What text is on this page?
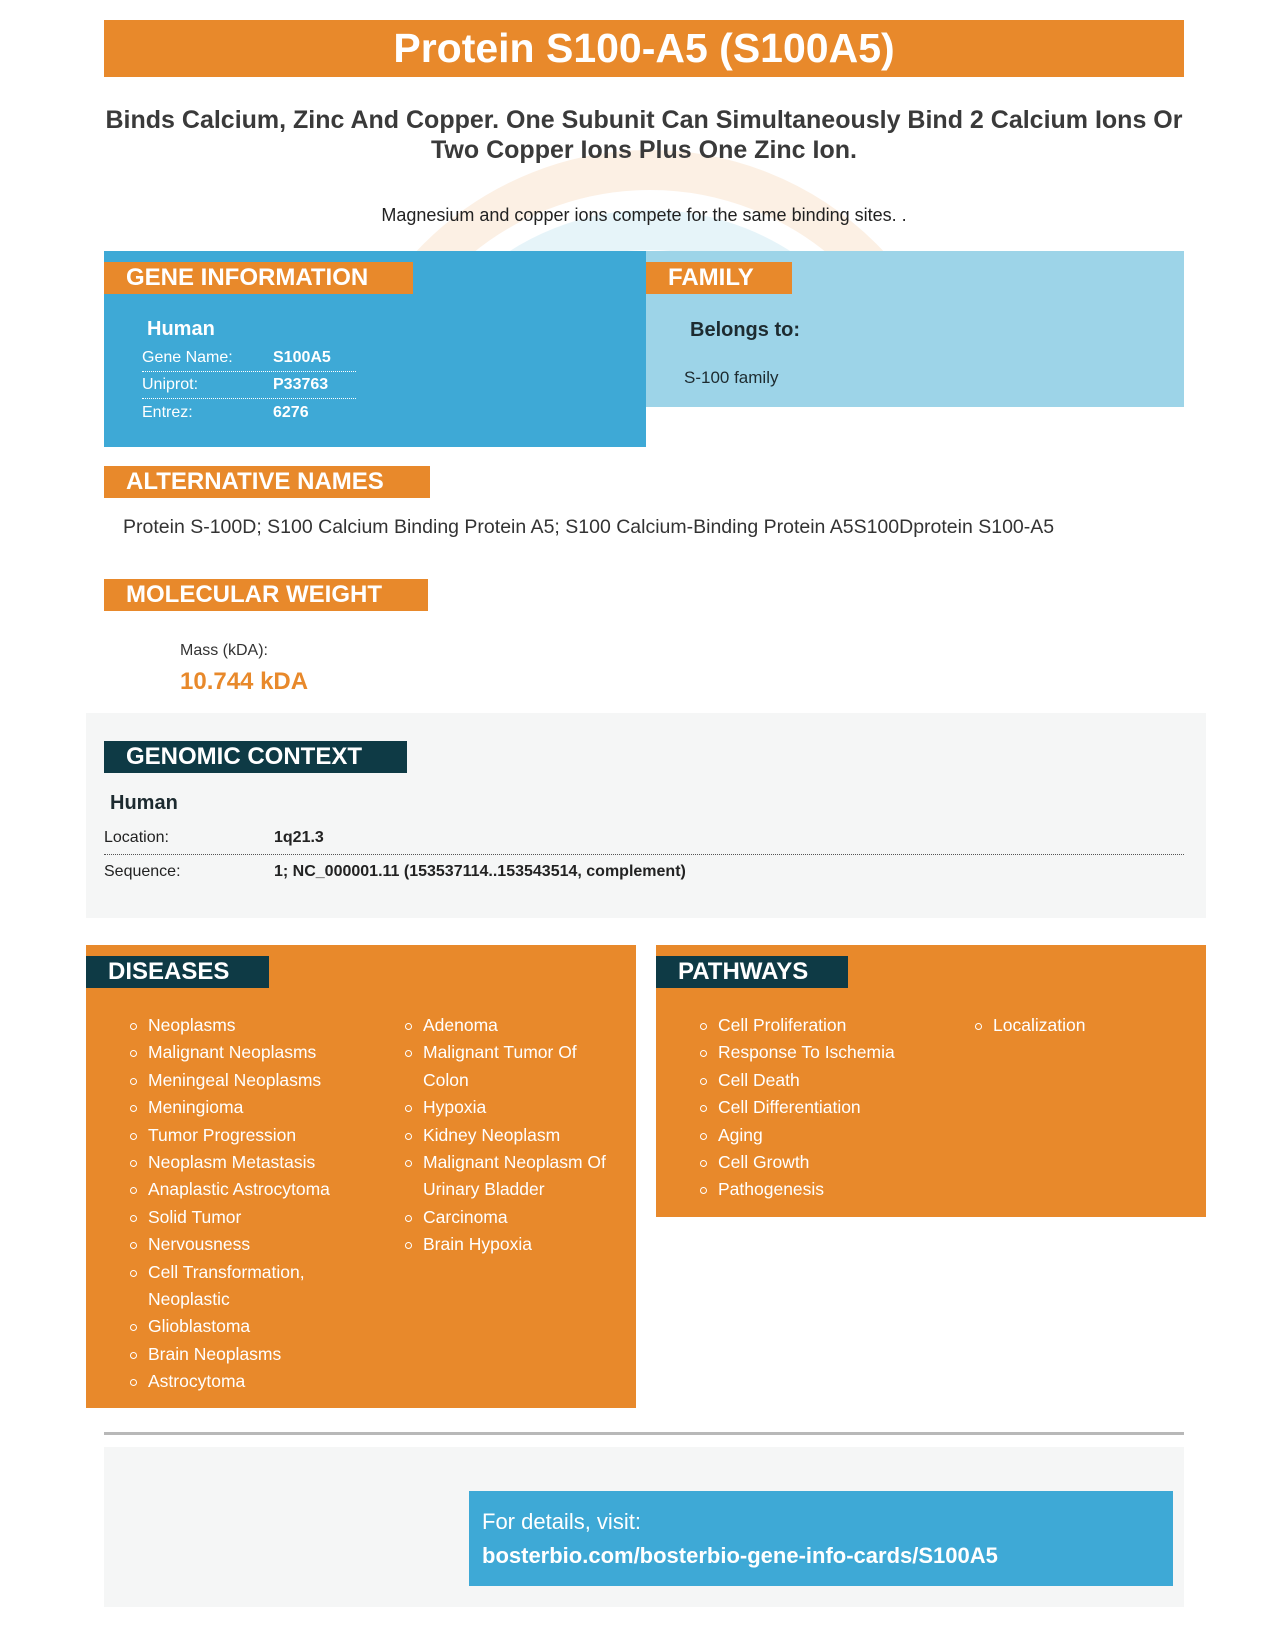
Protein S100-A5 (S100A5)
Binds Calcium, Zinc And Copper. One Subunit Can Simultaneously Bind 2 Calcium Ions Or Two Copper Ions Plus One Zinc Ion.
Magnesium and copper ions compete for the same binding sites. .
GENE INFORMATION	FAMILY
Human
Gene Name:	S100A5
Uniprot:	P33763
Entrez:	6276
Belongs to:
S-100 family
ALTERNATIVE NAMES
Protein S-100D; S100 Calcium Binding Protein A5; S100 Calcium-Binding Protein A5S100Dprotein S100-A5
MOLECULAR WEIGHT
Mass (kDA):
10.744 kDA
GENOMIC CONTEXT
Human
Location:	1q21.3
Sequence:	1; NC_000001.11 (153537114..153543514, complement)
DISEASES
Neoplasms
Malignant Neoplasms
Meningeal Neoplasms
Meningioma
Tumor Progression
Neoplasm Metastasis
Anaplastic Astrocytoma
Solid Tumor
Nervousness
Cell Transformation, Neoplastic
Glioblastoma
Brain Neoplasms
Astrocytoma
Adenoma
Malignant Tumor Of Colon
Hypoxia
Kidney Neoplasm
Malignant Neoplasm Of Urinary Bladder
Carcinoma
Brain Hypoxia
PATHWAYS
Cell Proliferation
Response To Ischemia
Cell Death
Cell Differentiation
Aging
Cell Growth
Pathogenesis
Localization
For details, visit:
bosterbio.com/bosterbio-gene-info-cards/S100A5
